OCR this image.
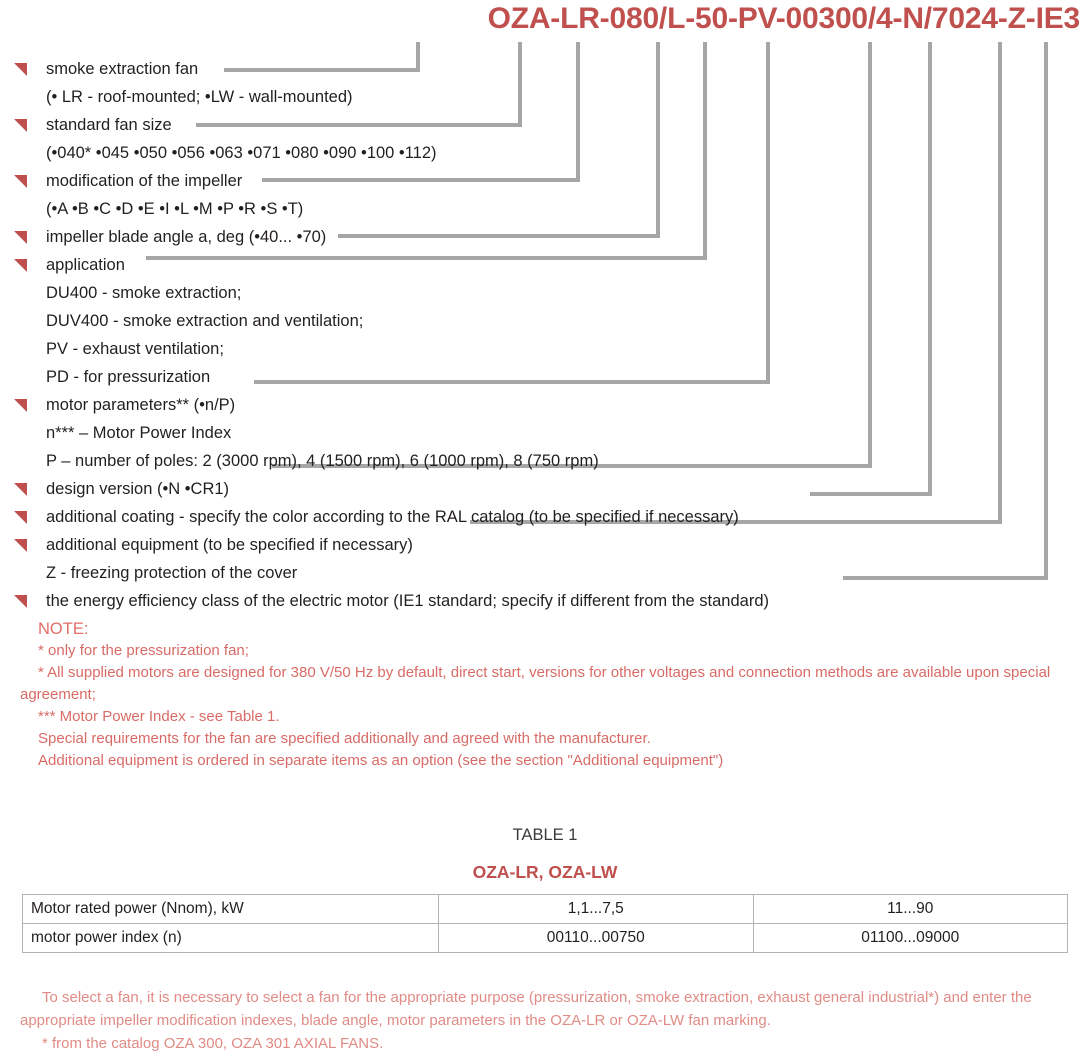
OZA-LR-080/L-50-PV-00300/4-N/7024-Z-IE3
smoke extraction fan
(• LR - roof-mounted; •LW - wall-mounted)
standard fan size
(•040* •045 •050 •056 •063 •071 •080 •090 •100 •112)
modification of the impeller
(•A •B •C •D •E •I •L •M •P •R •S •T)
impeller blade angle a, deg (•40... •70)
application
DU400 - smoke extraction;
DUV400 - smoke extraction and ventilation;
PV - exhaust ventilation;
PD - for pressurization
motor parameters** (•n/P)
n*** – Motor Power Index
P – number of poles: 2 (3000 rpm), 4 (1500 rpm), 6 (1000 rpm), 8 (750 rpm)
design version (•N •CR1)
additional coating - specify the color according to the RAL catalog (to be specified if necessary)
additional equipment (to be specified if necessary)
Z - freezing protection of the cover
the energy efficiency class of the electric motor (IE1 standard; specify if different from the standard)
NOTE:

* only for the pressurization fan;

* All supplied motors are designed for 380 V/50 Hz by default, direct start, versions for other voltages and connection methods are available upon special agreement;

*** Motor Power Index - see Table 1.

Special requirements for the fan are specified additionally and agreed with the manufacturer.

Additional equipment is ordered in separate items as an option (see the section "Additional equipment")

TABLE 1
OZA-LR, OZA-LW
Motor rated power (Nnom), kW	1,1...7,5	11...90
motor power index (n)	00110...00750	01100...09000

To select a fan, it is necessary to select a fan for the appropriate purpose (pressurization, smoke extraction, exhaust general industrial*) and enter the appropriate impeller modification indexes, blade angle, motor parameters in the OZA-LR or OZA-LW fan marking.

* from the catalog OZA 300, OZA 301 AXIAL FANS.
